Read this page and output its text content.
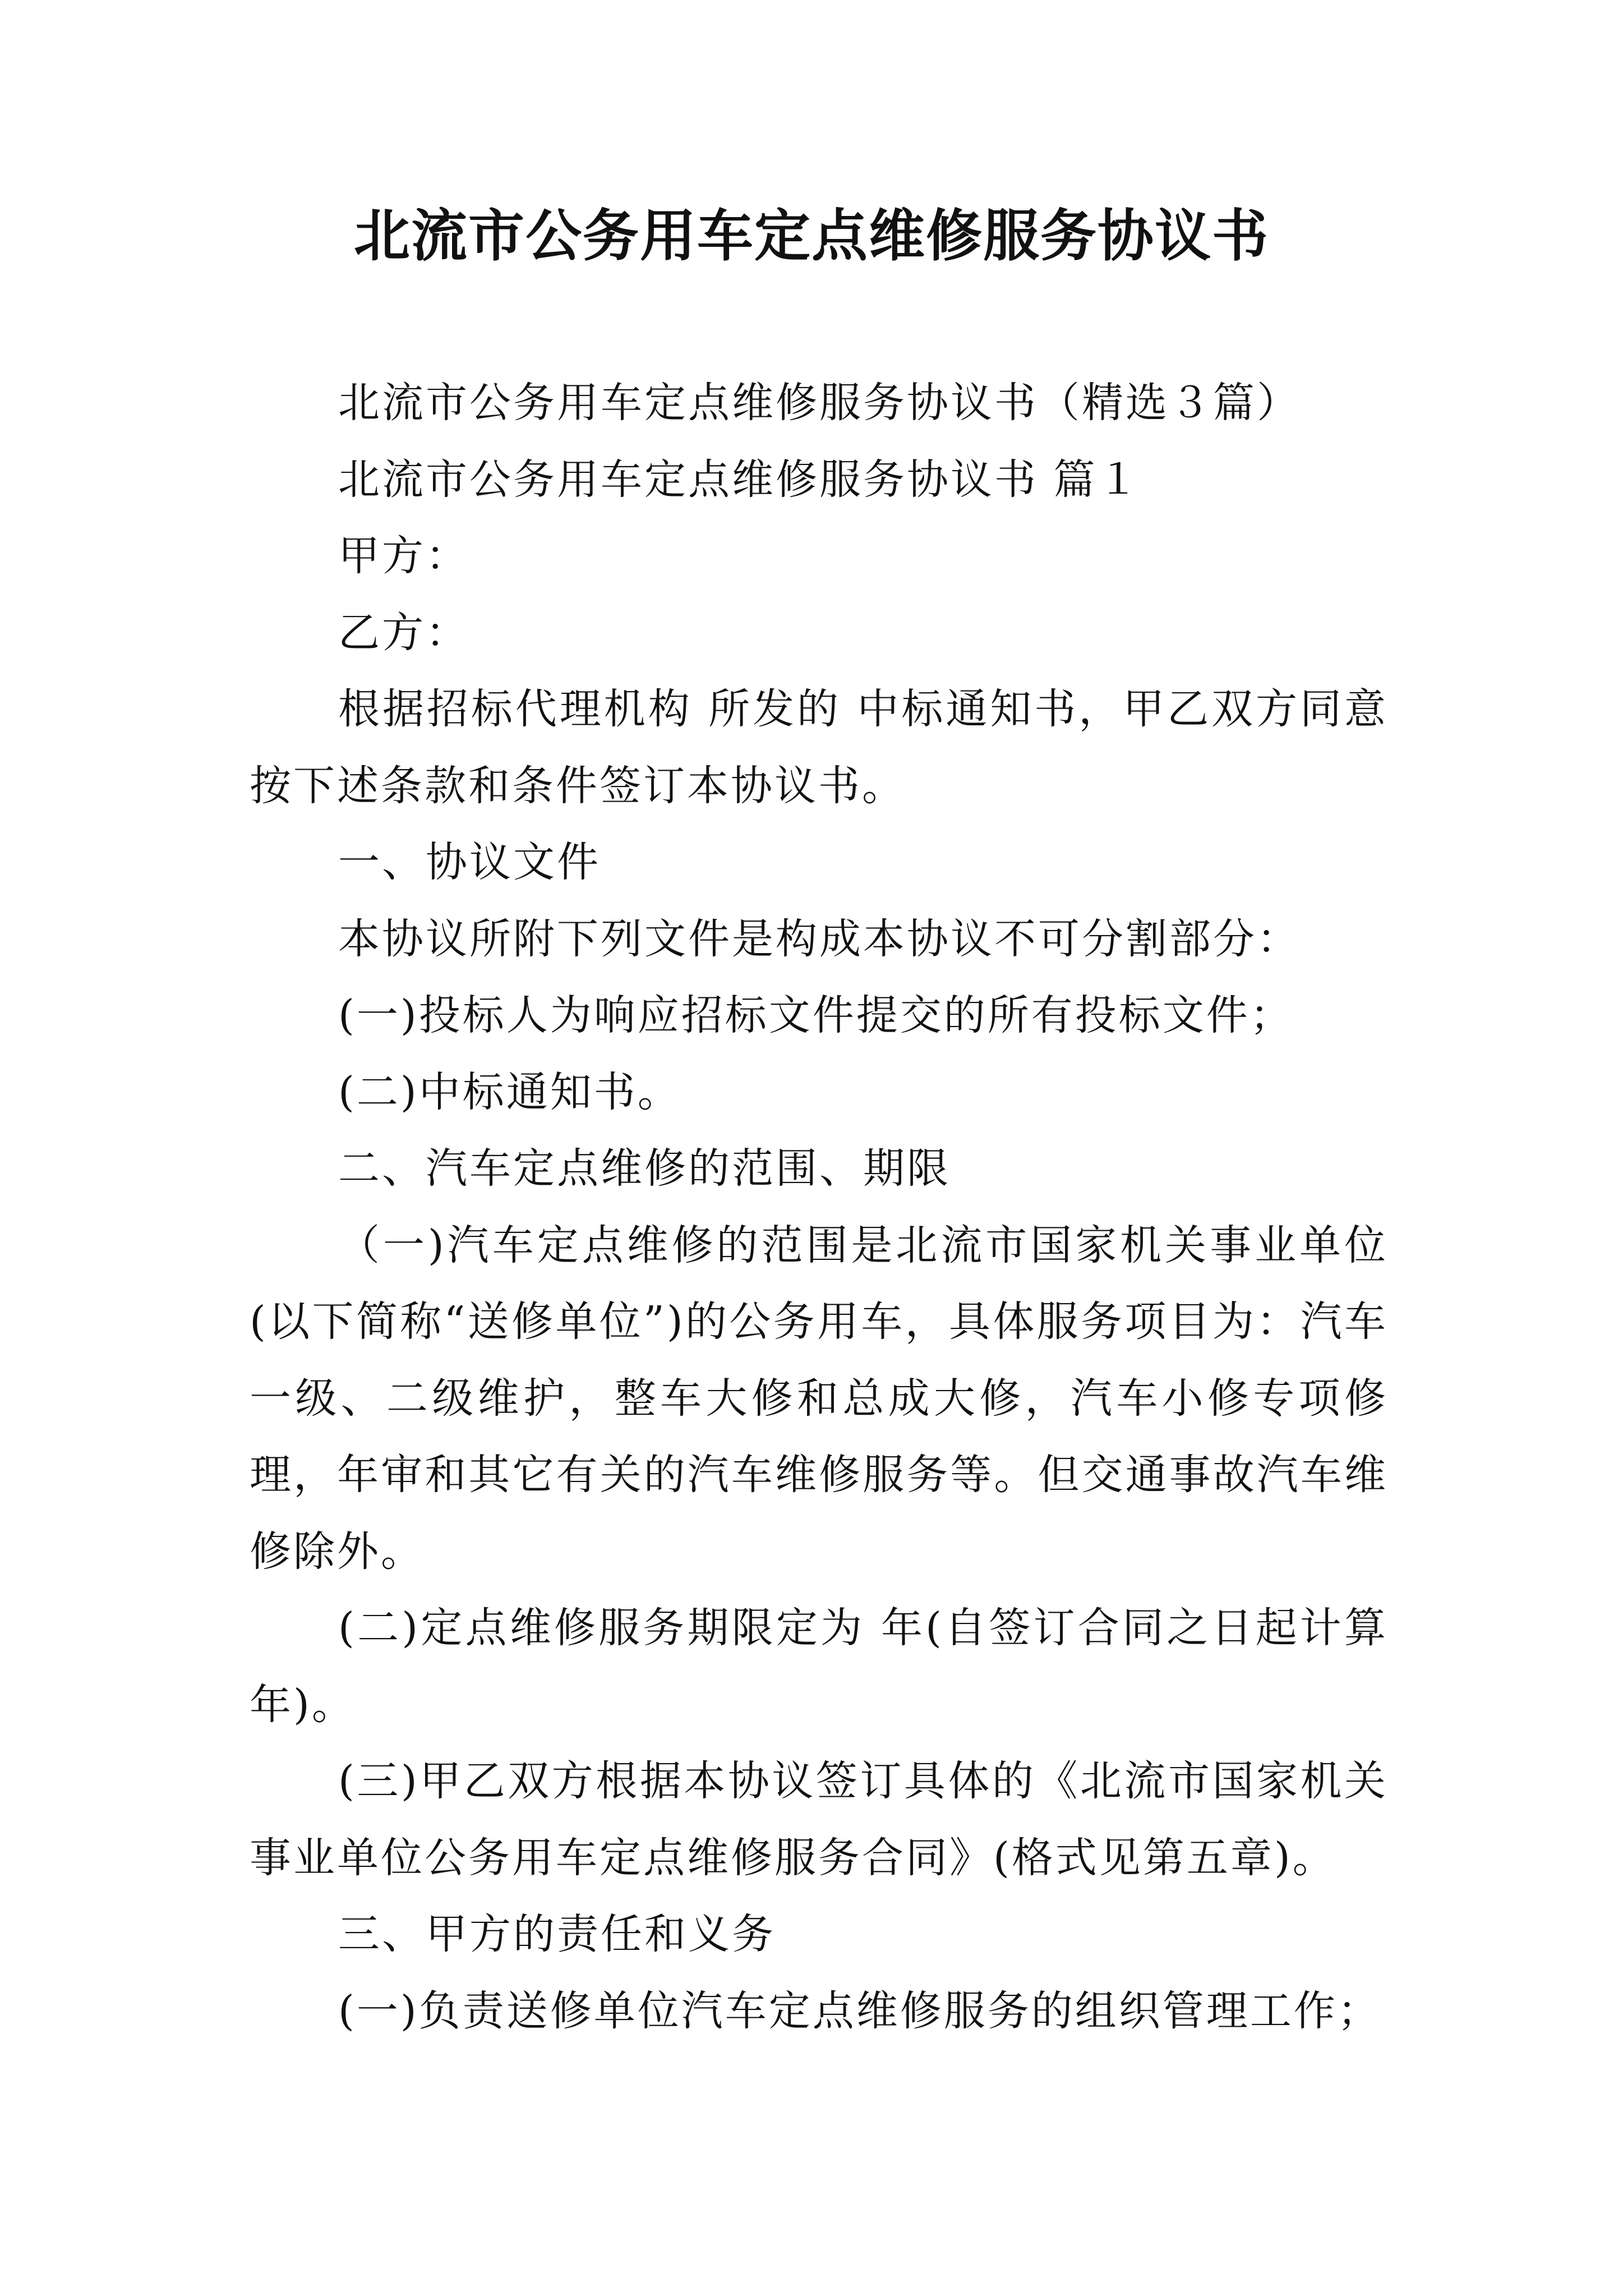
北流市公务用车定点维修服务协议书

北流市公务用车定点维修服务协议书（精选３篇）

北流市公务用车定点维修服务协议书 篇１

甲方：

乙方：

根据招标代理机构 所发的 中标通知书，甲乙双方同意按下述条款和条件签订本协议书。

一、协议文件

本协议所附下列文件是构成本协议不可分割部分：

(一)投标人为响应招标文件提交的所有投标文件；

(二)中标通知书。

二、汽车定点维修的范围、期限

（一)汽车定点维修的范围是北流市国家机关事业单位(以下简称“送修单位”)的公务用车，具体服务项目为：汽车一级、二级维护，整车大修和总成大修，汽车小修专项修理，年审和其它有关的汽车维修服务等。但交通事故汽车维修除外。

(二)定点维修服务期限定为 年(自签订合同之日起计算年)。

(三)甲乙双方根据本协议签订具体的《北流市国家机关事业单位公务用车定点维修服务合同》(格式见第五章)。

三、甲方的责任和义务

(一)负责送修单位汽车定点维修服务的组织管理工作；
